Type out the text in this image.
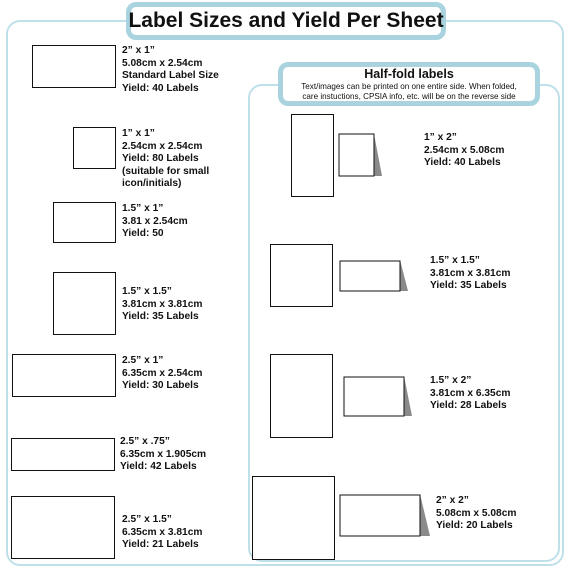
Label Sizes and Yield Per Sheet
Half-fold labels
Text/images can be printed on one entire side. When folded,
care instuctions, CPSIA info, etc. will be on the reverse side
2” x 1”
5.08cm x 2.54cm
Standard Label Size
Yield: 40 Labels
1” x 1”
2.54cm x 2.54cm
Yield: 80 Labels
(suitable for small
icon/initials)
1.5” x 1”
3.81 x 2.54cm
Yield: 50
1.5” x 1.5”
3.81cm x 3.81cm
Yield: 35 Labels
2.5” x 1”
6.35cm x 2.54cm
Yield: 30 Labels
2.5” x .75”
6.35cm x 1.905cm
Yield: 42 Labels
2.5” x 1.5”
6.35cm x 3.81cm
Yield: 21 Labels
1” x 2”
2.54cm x 5.08cm
Yield: 40 Labels
1.5” x 1.5”
3.81cm x 3.81cm
Yield: 35 Labels
1.5” x 2”
3.81cm x 6.35cm
Yield: 28 Labels
2” x 2”
5.08cm x 5.08cm
Yield: 20 Labels
